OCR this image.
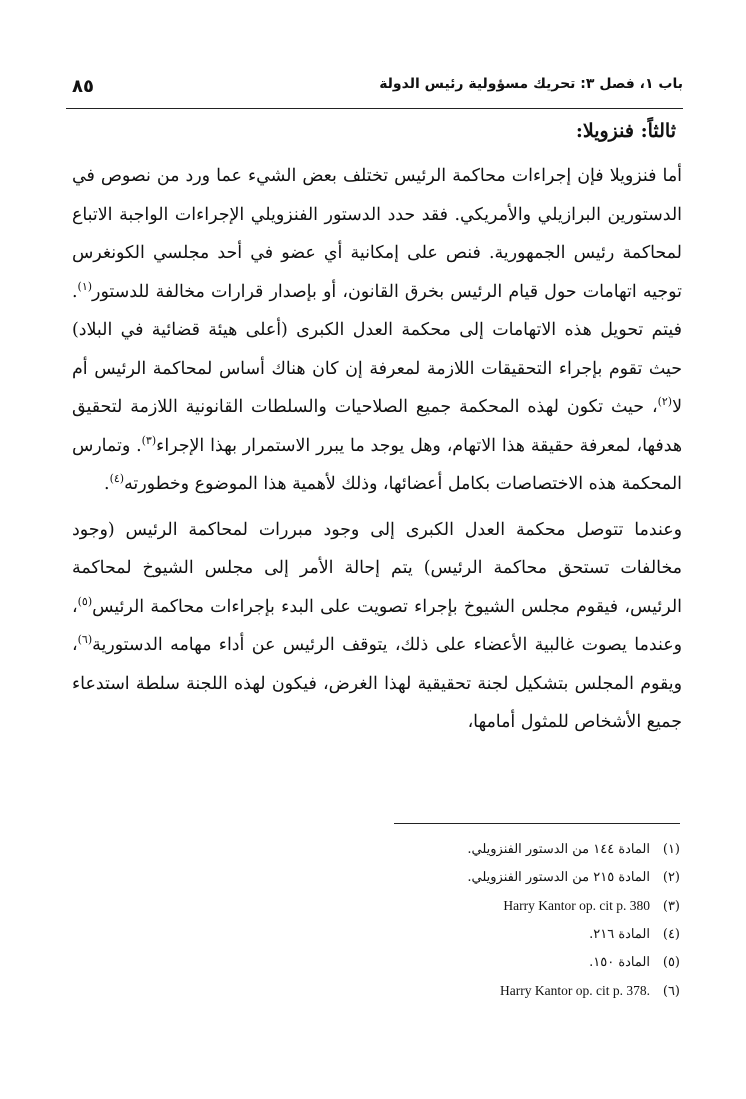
باب ١، فصل ٣: تحريك مسؤولية رئيس الدولة
٨٥
ثالثاً: فنزويلا:

أما فنزويلا فإن إجراءات محاكمة الرئيس تختلف بعض الشيء عما ورد من نصوص في الدستورين البرازيلي والأمريكي. فقد حدد الدستور الفنزويلي الإجراءات الواجبة الاتباع لمحاكمة رئيس الجمهورية. فنص على إمكانية أي عضو في أحد مجلسي الكونغرس توجيه اتهامات حول قيام الرئيس بخرق القانون، أو بإصدار قرارات مخالفة للدستور$^{(١)}$. فيتم تحويل هذه الاتهامات إلى محكمة العدل الكبرى (أعلى هيئة قضائية في البلاد) حيث تقوم بإجراء التحقيقات اللازمة لمعرفة إن كان هناك أساس لمحاكمة الرئيس أم لا$^{(٢)}$، حيث تكون لهذه المحكمة جميع الصلاحيات والسلطات القانونية اللازمة لتحقيق هدفها، لمعرفة حقيقة هذا الاتهام، وهل يوجد ما يبرر الاستمرار بهذا الإجراء$^{(٣)}$. وتمارس المحكمة هذه الاختصاصات بكامل أعضائها، وذلك لأهمية هذا الموضوع وخطورته$^{(٤)}$.

وعندما تتوصل محكمة العدل الكبرى إلى وجود مبررات لمحاكمة الرئيس (وجود مخالفات تستحق محاكمة الرئيس) يتم إحالة الأمر إلى مجلس الشيوخ لمحاكمة الرئيس، فيقوم مجلس الشيوخ بإجراء تصويت على البدء بإجراءات محاكمة الرئيس$^{(٥)}$، وعندما يصوت غالبية الأعضاء على ذلك، يتوقف الرئيس عن أداء مهامه الدستورية$^{(٦)}$، ويقوم المجلس بتشكيل لجنة تحقيقية لهذا الغرض، فيكون لهذه اللجنة سلطة استدعاء جميع الأشخاص للمثول أمامها،

(١)المادة ١٤٤ من الدستور الفنزويلي.
(٢)المادة ٢١٥ من الدستور الفنزويلي.
(٣)Harry Kantor op. cit p. 380
(٤)المادة ٢١٦.
(٥)المادة ١٥٠.
(٦)Harry Kantor op. cit p. 378.
